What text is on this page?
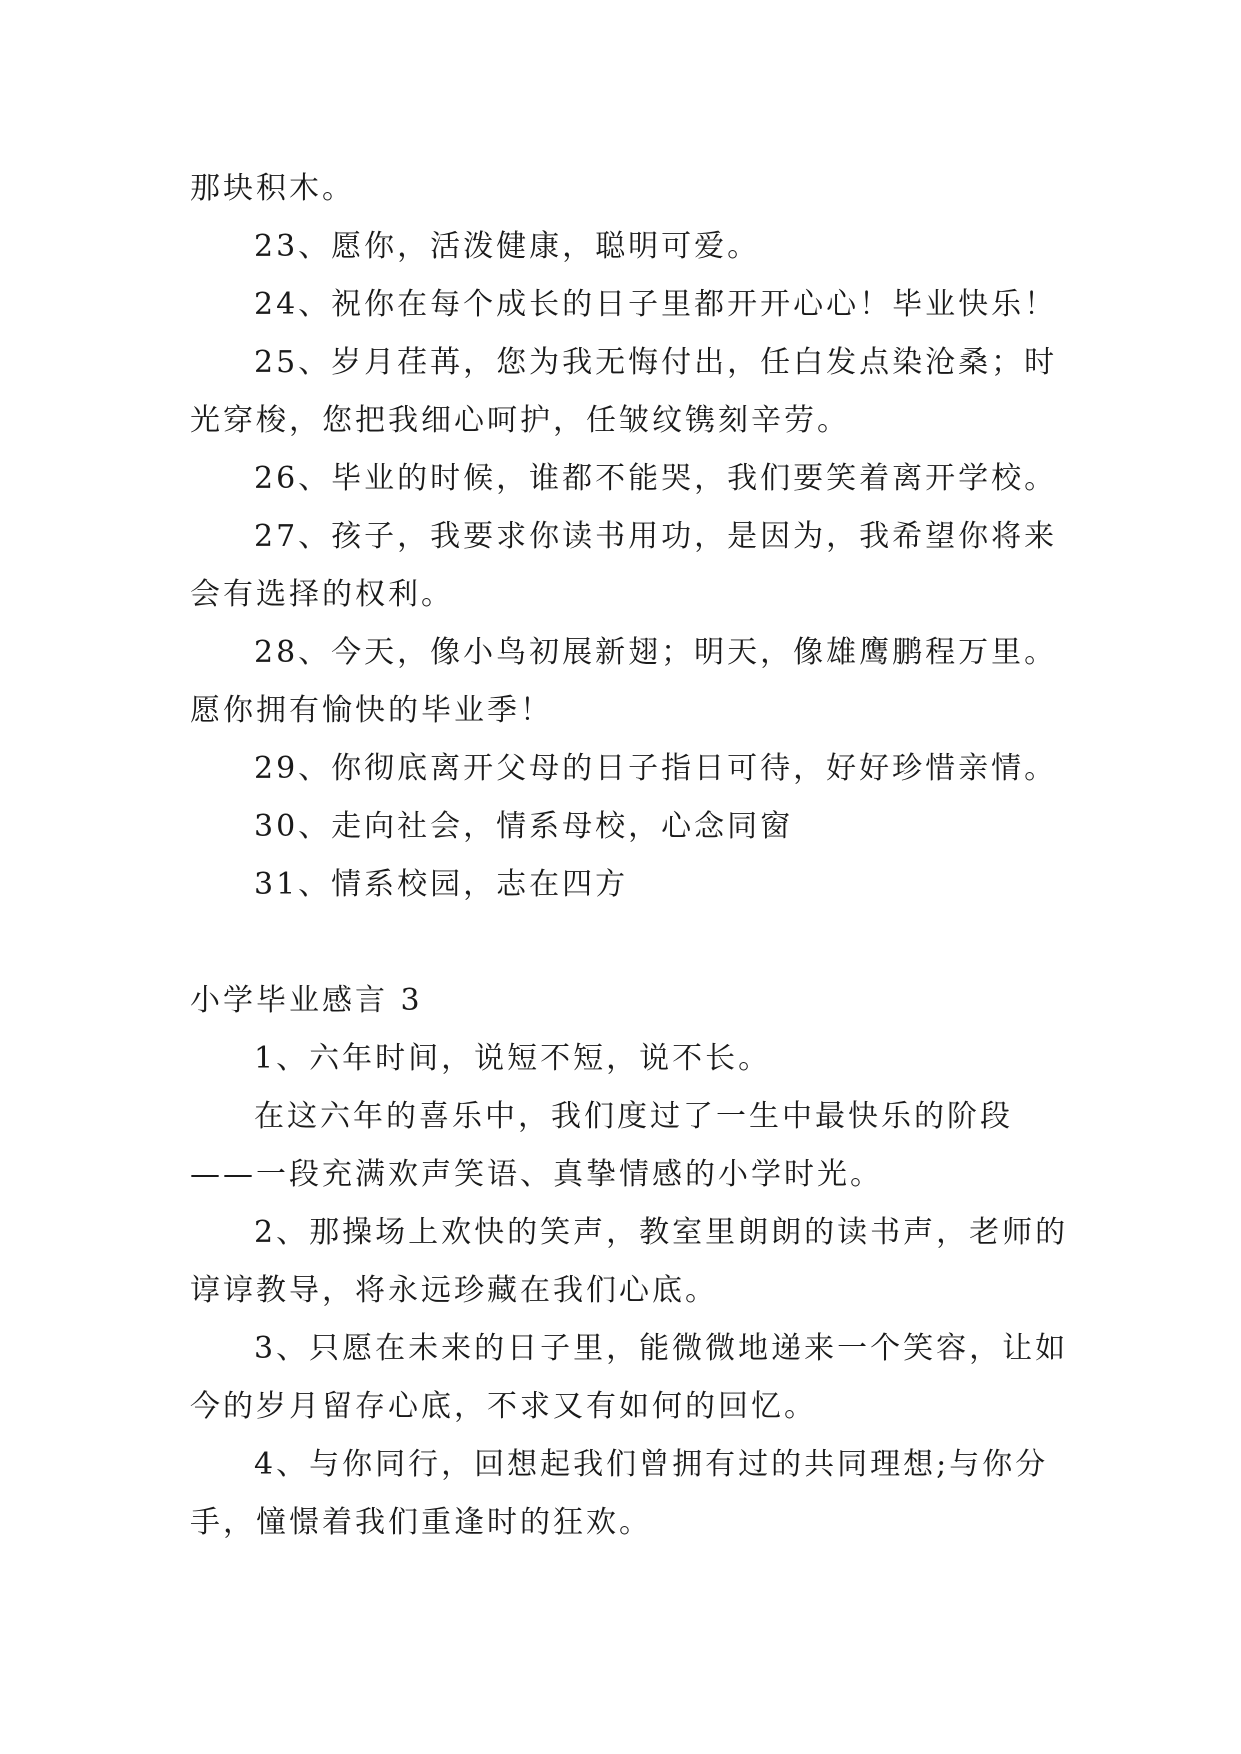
那块积木。

23、愿你，活泼健康，聪明可爱。

24、祝你在每个成长的日子里都开开心心！毕业快乐！

25、岁月荏苒，您为我无悔付出，任白发点染沧桑；时光穿梭，您把我细心呵护，任皱纹镌刻辛劳。

26、毕业的时候，谁都不能哭，我们要笑着离开学校。

27、孩子，我要求你读书用功，是因为，我希望你将来会有选择的权利。

28、今天，像小鸟初展新翅；明天，像雄鹰鹏程万里。愿你拥有愉快的毕业季！

29、你彻底离开父母的日子指日可待，好好珍惜亲情。

30、走向社会，情系母校，心念同窗

31、情系校园，志在四方

小学毕业感言 3

1、六年时间，说短不短，说不长。

在这六年的喜乐中，我们度过了一生中最快乐的阶段——一段充满欢声笑语、真挚情感的小学时光。

2、那操场上欢快的笑声，教室里朗朗的读书声，老师的谆谆教导，将永远珍藏在我们心底。

3、只愿在未来的日子里，能微微地递来一个笑容，让如今的岁月留存心底，不求又有如何的回忆。

4、与你同行，回想起我们曾拥有过的共同理想;与你分手，憧憬着我们重逢时的狂欢。
